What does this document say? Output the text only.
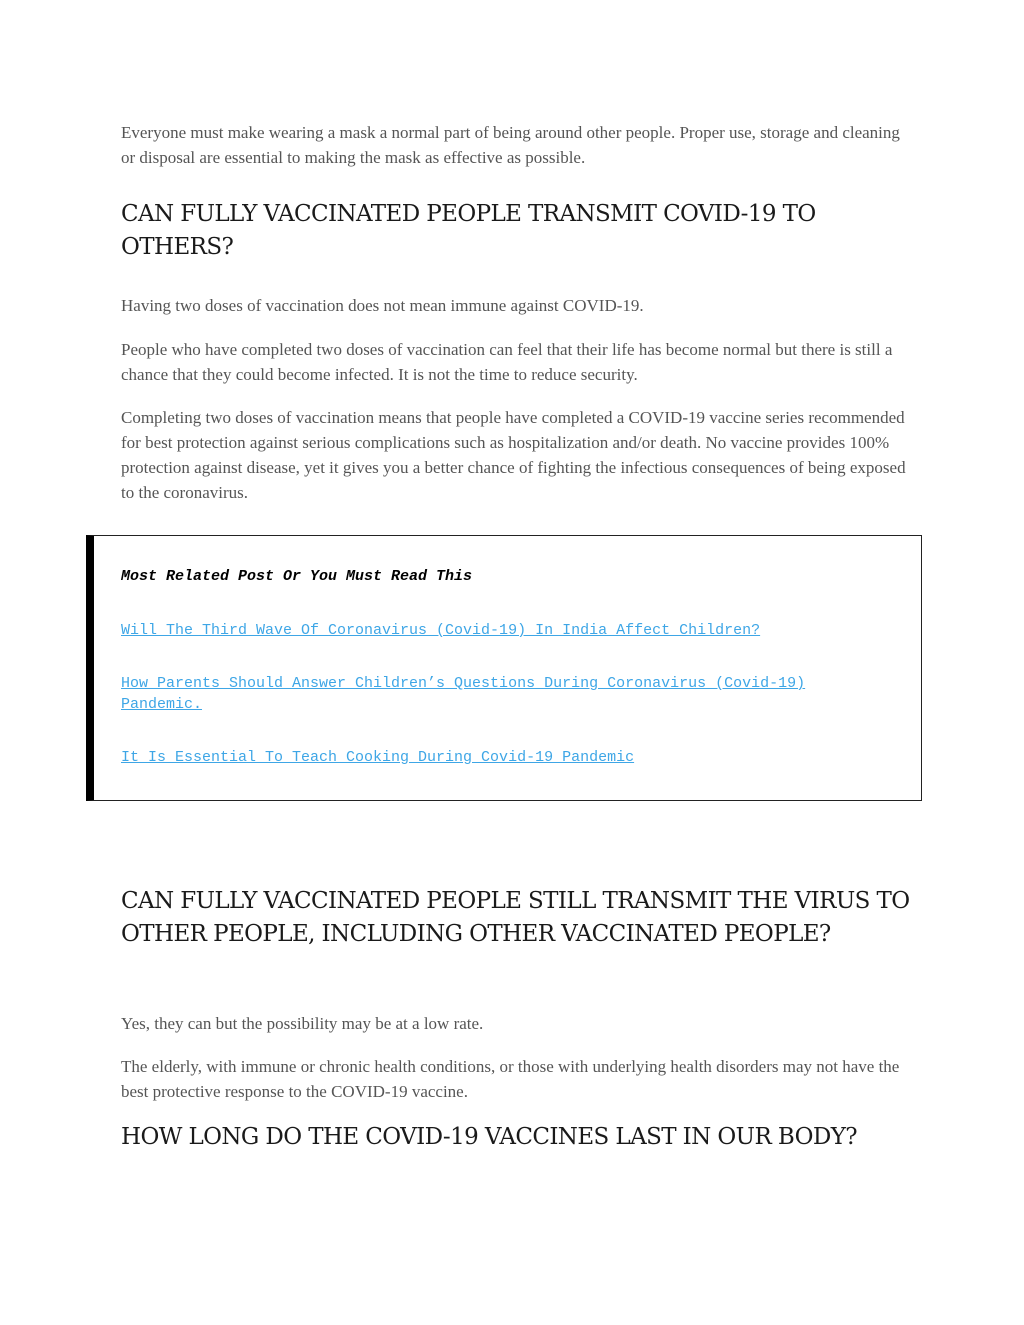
Everyone must make wearing a mask a normal part of being around other people. Proper use, storage and cleaning or disposal are essential to making the mask as effective as possible.

CAN FULLY VACCINATED PEOPLE TRANSMIT COVID-19 TO OTHERS?

Having two doses of vaccination does not mean immune against COVID-19.

People who have completed two doses of vaccination can feel that their life has become normal but there is still a chance that they could become infected. It is not the time to reduce security.

Completing two doses of vaccination means that people have completed a COVID-19 vaccine series recommended for best protection against serious complications such as hospitalization and/or death. No vaccine provides 100% protection against disease, yet it gives you a better chance of fighting the infectious consequences of being exposed to the coronavirus.

Most Related Post Or You Must Read This

Will The Third Wave Of Coronavirus (Covid-19) In India Affect Children?
How Parents Should Answer Children’s Questions During Coronavirus (Covid-19) Pandemic.
It Is Essential To Teach Cooking During Covid-19 Pandemic
CAN FULLY VACCINATED PEOPLE STILL TRANSMIT THE VIRUS TO OTHER PEOPLE, INCLUDING OTHER VACCINATED PEOPLE?

Yes, they can but the possibility may be at a low rate.

The elderly, with immune or chronic health conditions, or those with underlying health disorders may not have the best protective response to the COVID-19 vaccine.

HOW LONG DO THE COVID-19 VACCINES LAST IN OUR BODY?
